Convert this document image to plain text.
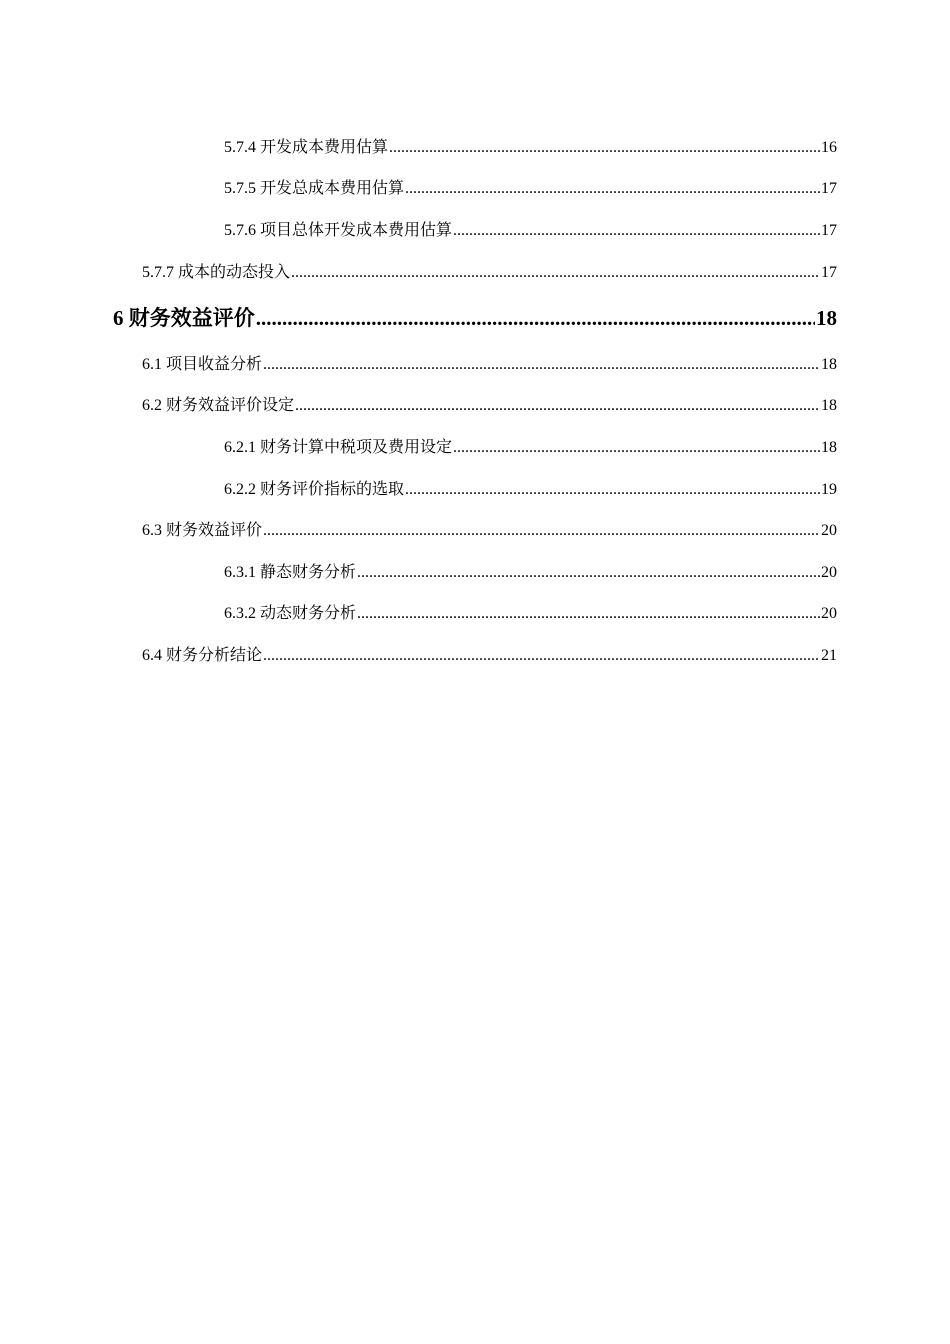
5.7.4 开发成本费用估算 .....	16
5.7.5 开发总成本费用估算 .....	17
5.7.6 项目总体开发成本费用估算 .....	17
5.7.7 成本的动态投入 .....	17
6 财务效益评价 .....	18
6.1 项目收益分析 .....	18
6.2 财务效益评价设定 .....	18
6.2.1 财务计算中税项及费用设定 .....	18
6.2.2 财务评价指标的选取 .....	19
6.3 财务效益评价 .....	20
6.3.1 静态财务分析 .....	20
6.3.2 动态财务分析 .....	20
6.4 财务分析结论 .....	21
